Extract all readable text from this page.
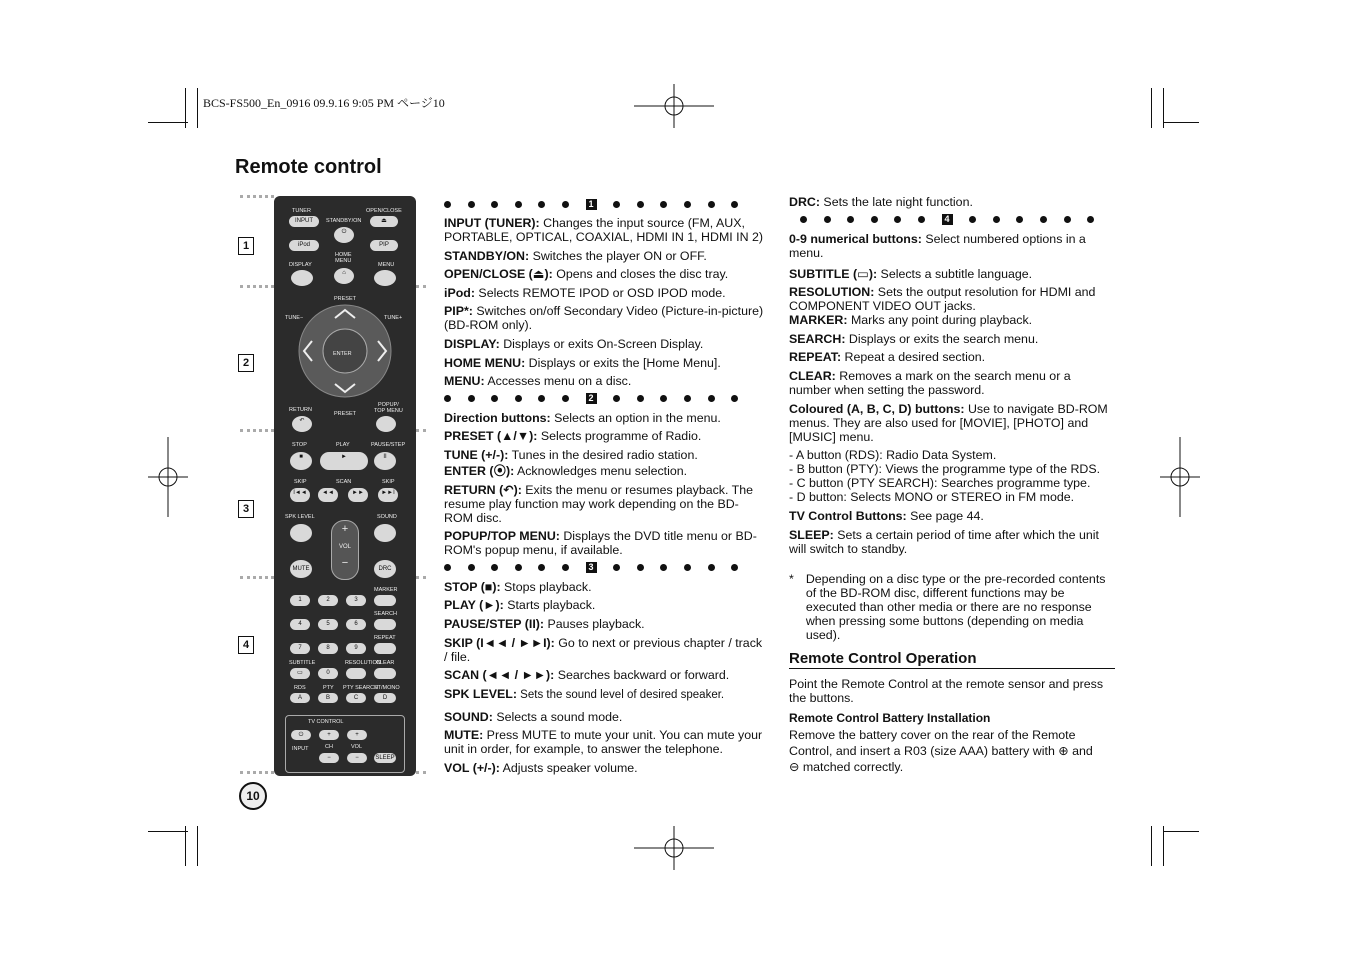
BCS-FS500_En_0916 09.9.16 9:05 PM ページ10
Remote control
1
2
3
4
TUNER
INPUT	STANDBY/ON
⏻
OPEN/CLOSE
⏏
iPod	PIP
DISPLAY
HOME
MENU
⌂
MENU
PRESET
TUNE−	TUNE+
ENTER
PRESET
RETURN
↶
POPUP/
TOP MENU
STOP
■
PLAY
►
PAUSE/STEP
II
SKIP
I◄◄
SCAN
◄◄	►►
SKIP
►►I
SPK LEVEL	SOUND
+
VOL
−
MUTE	DRC
1	2	3
MARKER
4	5	6
SEARCH
7	8	9
REPEAT
SUBTITLE
▭	0
RESOLUTION
CLEAR
RDS
A
PTY
B
PTY SEARCH
C
ST/MONO
D
TV CONTROL
⏻
INPUT
+
CH
−
+
VOL
−	SLEEP
10
1

INPUT (TUNER): Changes the input source (FM, AUX, PORTABLE, OPTICAL, COAXIAL, HDMI IN 1, HDMI IN 2)

STANDBY/ON: Switches the player ON or OFF.

OPEN/CLOSE (⏏): Opens and closes the disc tray.

iPod: Selects REMOTE IPOD or OSD IPOD mode.

PIP*: Switches on/off Secondary Video (Picture-in-picture) (BD-ROM only).

DISPLAY: Displays or exits On-Screen Display.

HOME MENU: Displays or exits the [Home Menu].

MENU: Accesses menu on a disc.

2

Direction buttons: Selects an option in the menu.

PRESET (▲/▼): Selects programme of Radio.

TUNE (+/-): Tunes in the desired radio station.

ENTER (⦿): Acknowledges menu selection.

RETURN (↶): Exits the menu or resumes playback. The resume play function may work depending on the BD-ROM disc.

POPUP/TOP MENU: Displays the DVD title menu or BD-ROM's popup menu, if available.

3

STOP (■): Stops playback.

PLAY (►): Starts playback.

PAUSE/STEP (II): Pauses playback.

SKIP (I◄◄ / ►►I): Go to next or previous chapter / track / file.

SCAN (◄◄ / ►►): Searches backward or forward.

SPK LEVEL: Sets the sound level of desired speaker.

SOUND: Selects a sound mode.

MUTE: Press MUTE to mute your unit. You can mute your unit in order, for example, to answer the telephone.

VOL (+/-): Adjusts speaker volume.

DRC: Sets the late night function.

4

0-9 numerical buttons: Select numbered options in a menu.

SUBTITLE (▭): Selects a subtitle language.

RESOLUTION: Sets the output resolution for HDMI and COMPONENT VIDEO OUT jacks.

MARKER: Marks any point during playback.

SEARCH: Displays or exits the search menu.

REPEAT: Repeat a desired section.

CLEAR: Removes a mark on the search menu or a number when setting the password.

Coloured (A, B, C, D) buttons: Use to navigate BD-ROM menus. They are also used for [MOVIE], [PHOTO] and [MUSIC] menu.

- A button (RDS): Radio Data System.
- B button (PTY): Views the programme type of the RDS.
- C button (PTY SEARCH): Searches programme type.
- D button: Selects MONO or STEREO in FM mode.

TV Control Buttons: See page 44.

SLEEP: Sets a certain period of time after which the unit will switch to standby.

* Depending on a disc type or the pre-recorded contents of the BD-ROM disc, different functions may be executed than other media or there are no response when pressing some buttons (depending on media used).
Remote Control Operation

Point the Remote Control at the remote sensor and press the buttons.

Remote Control Battery Installation

Remove the battery cover on the rear of the Remote Control, and insert a R03 (size AAA) battery with ⊕ and
⊖ matched correctly.
